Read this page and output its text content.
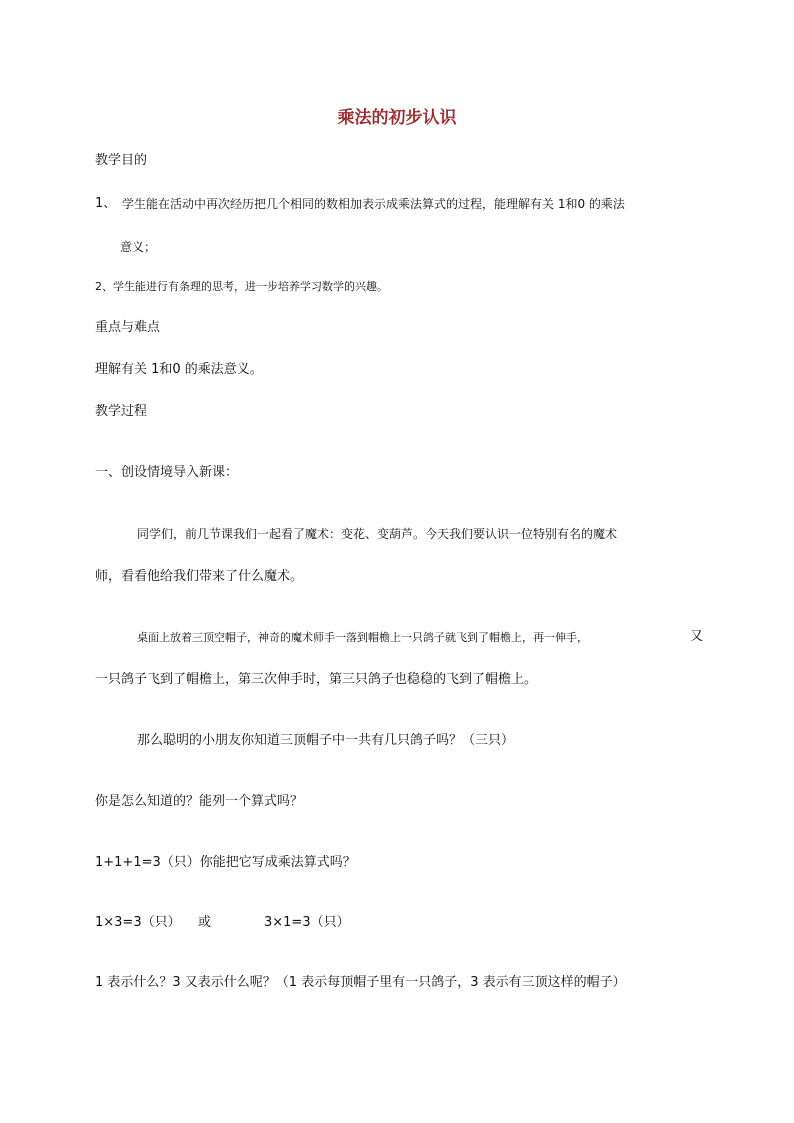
乘法的初步认识
教学目的
1、 学生能在活动中再次经历把几个相同的数相加表示成乘法算式的过程，能理解有关 1和0 的乘法
意义；
2、学生能进行有条理的思考，进一步培养学习数学的兴趣。
重点与难点
理解有关 1和0 的乘法意义。
教学过程
一、创设情境导入新课：
同学们，前几节课我们一起看了魔术：变花、变葫芦。今天我们要认识一位特别有名的魔术
师，看看他给我们带来了什么魔术。
桌面上放着三顶空帽子，神奇的魔术师手一落到帽檐上一只鸽子就飞到了帽檐上，再一伸手，	又
一只鸽子飞到了帽檐上，第三次伸手时，第三只鸽子也稳稳的飞到了帽檐上。
那么聪明的小朋友你知道三顶帽子中一共有几只鸽子吗？（三只）
你是怎么知道的？能列一个算式吗？
1+1+1=3（只）你能把它写成乘法算式吗？
1×3=3（只） 或	3×1=3（只）
1 表示什么？3 又表示什么呢？（1 表示每顶帽子里有一只鸽子，3 表示有三顶这样的帽子）
